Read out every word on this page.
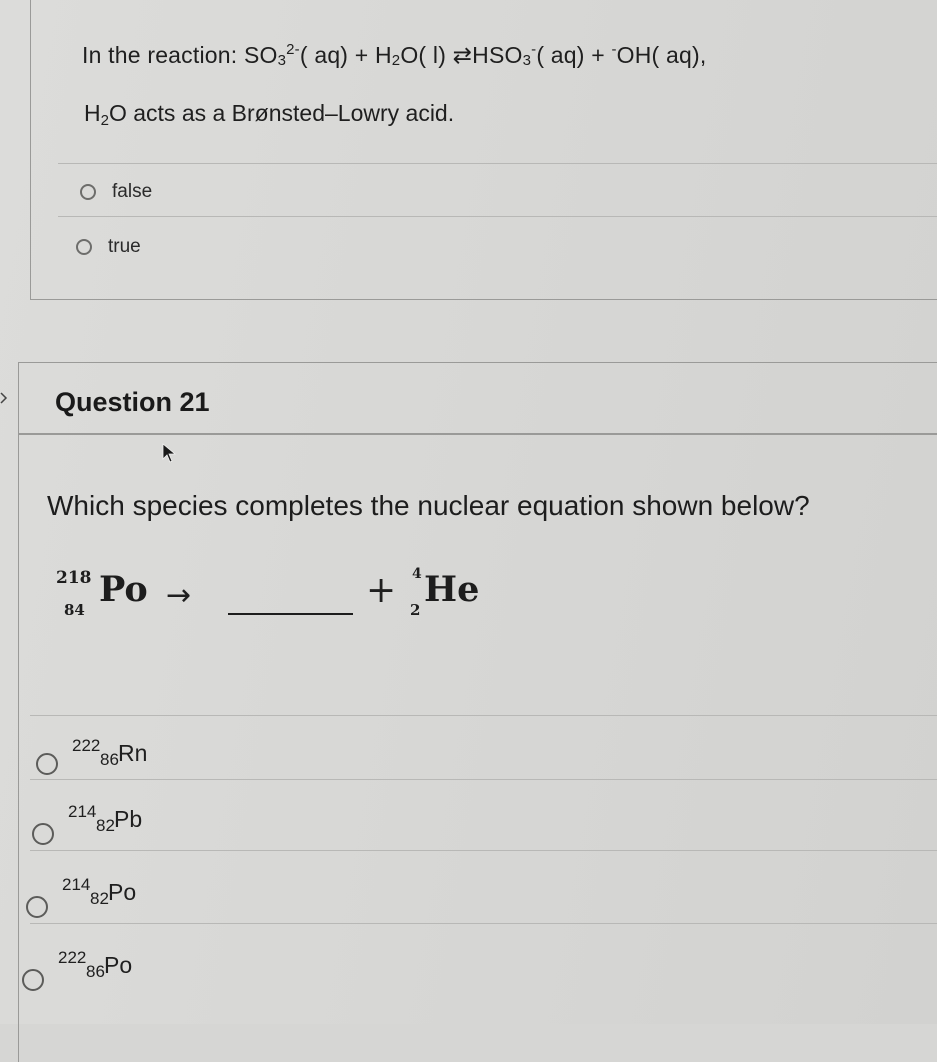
In the reaction: $SO_3^{2-}$( $aq) + H_2O$( l) $⇄HSO_3^-$( aq) + -OH( aq),
$H_2O$ acts as a Brønsted–Lowry acid.
false
true
Question 21
Which species completes the nuclear equation shown below?
218
84 Po →	+ 4
2 He
222
86 Rn
214
82 Pb
214
82 Po
222
86 Po
